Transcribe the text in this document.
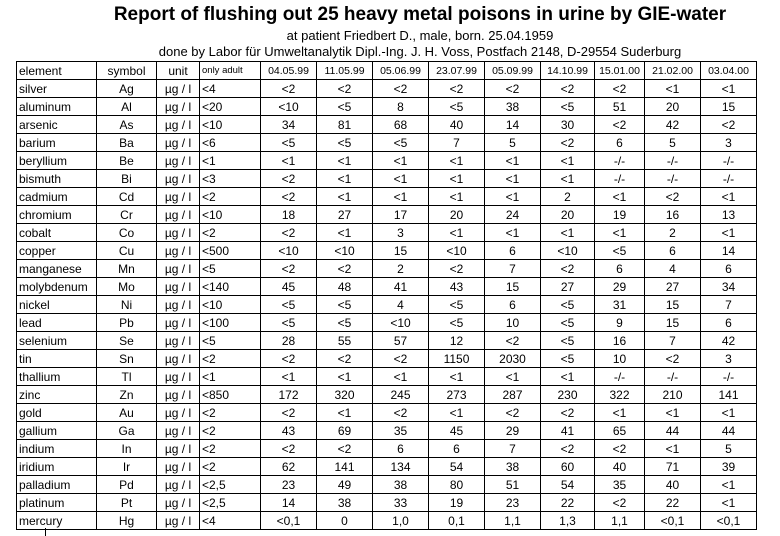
Report of flushing out 25 heavy metal poisons in urine by GIE-water
at patient Friedbert D., male, born. 25.04.1959
done by Labor für Umweltanalytik Dipl.-Ing. J. H. Voss, Postfach 2148, D-29554 Suderburg
element	symbol	unit	only adult	04.05.99	11.05.99	05.06.99	23.07.99	05.09.99	14.10.99	15.01.00	21.02.00	03.04.00
silver	Ag	µg / l	<4	<2	<2	<2	<2	<2	<2	<2	<1	<1
aluminum	Al	µg / l	<20	<10	<5	8	<5	38	<5	51	20	15
arsenic	As	µg / l	<10	34	81	68	40	14	30	<2	42	<2
barium	Ba	µg / l	<6	<5	<5	<5	7	5	<2	6	5	3
beryllium	Be	µg / l	<1	<1	<1	<1	<1	<1	<1	-/-	-/-	-/-
bismuth	Bi	µg / l	<3	<2	<1	<1	<1	<1	<1	-/-	-/-	-/-
cadmium	Cd	µg / l	<2	<2	<1	<1	<1	<1	2	<1	<2	<1
chromium	Cr	µg / l	<10	18	27	17	20	24	20	19	16	13
cobalt	Co	µg / l	<2	<2	<1	3	<1	<1	<1	<1	2	<1
copper	Cu	µg / l	<500	<10	<10	15	<10	6	<10	<5	6	14
manganese	Mn	µg / l	<5	<2	<2	2	<2	7	<2	6	4	6
molybdenum	Mo	µg / l	<140	45	48	41	43	15	27	29	27	34
nickel	Ni	µg / l	<10	<5	<5	4	<5	6	<5	31	15	7
lead	Pb	µg / l	<100	<5	<5	<10	<5	10	<5	9	15	6
selenium	Se	µg / l	<5	28	55	57	12	<2	<5	16	7	42
tin	Sn	µg / l	<2	<2	<2	<2	1150	2030	<5	10	<2	3
thallium	Tl	µg / l	<1	<1	<1	<1	<1	<1	<1	-/-	-/-	-/-
zinc	Zn	µg / l	<850	172	320	245	273	287	230	322	210	141
gold	Au	µg / l	<2	<2	<1	<2	<1	<2	<2	<1	<1	<1
gallium	Ga	µg / l	<2	43	69	35	45	29	41	65	44	44
indium	In	µg / l	<2	<2	<2	6	6	7	<2	<2	<1	5
iridium	Ir	µg / l	<2	62	141	134	54	38	60	40	71	39
palladium	Pd	µg / l	<2,5	23	49	38	80	51	54	35	40	<1
platinum	Pt	µg / l	<2,5	14	38	33	19	23	22	<2	22	<1
mercury	Hg	µg / l	<4	<0,1	0	1,0	0,1	1,1	1,3	1,1	<0,1	<0,1
